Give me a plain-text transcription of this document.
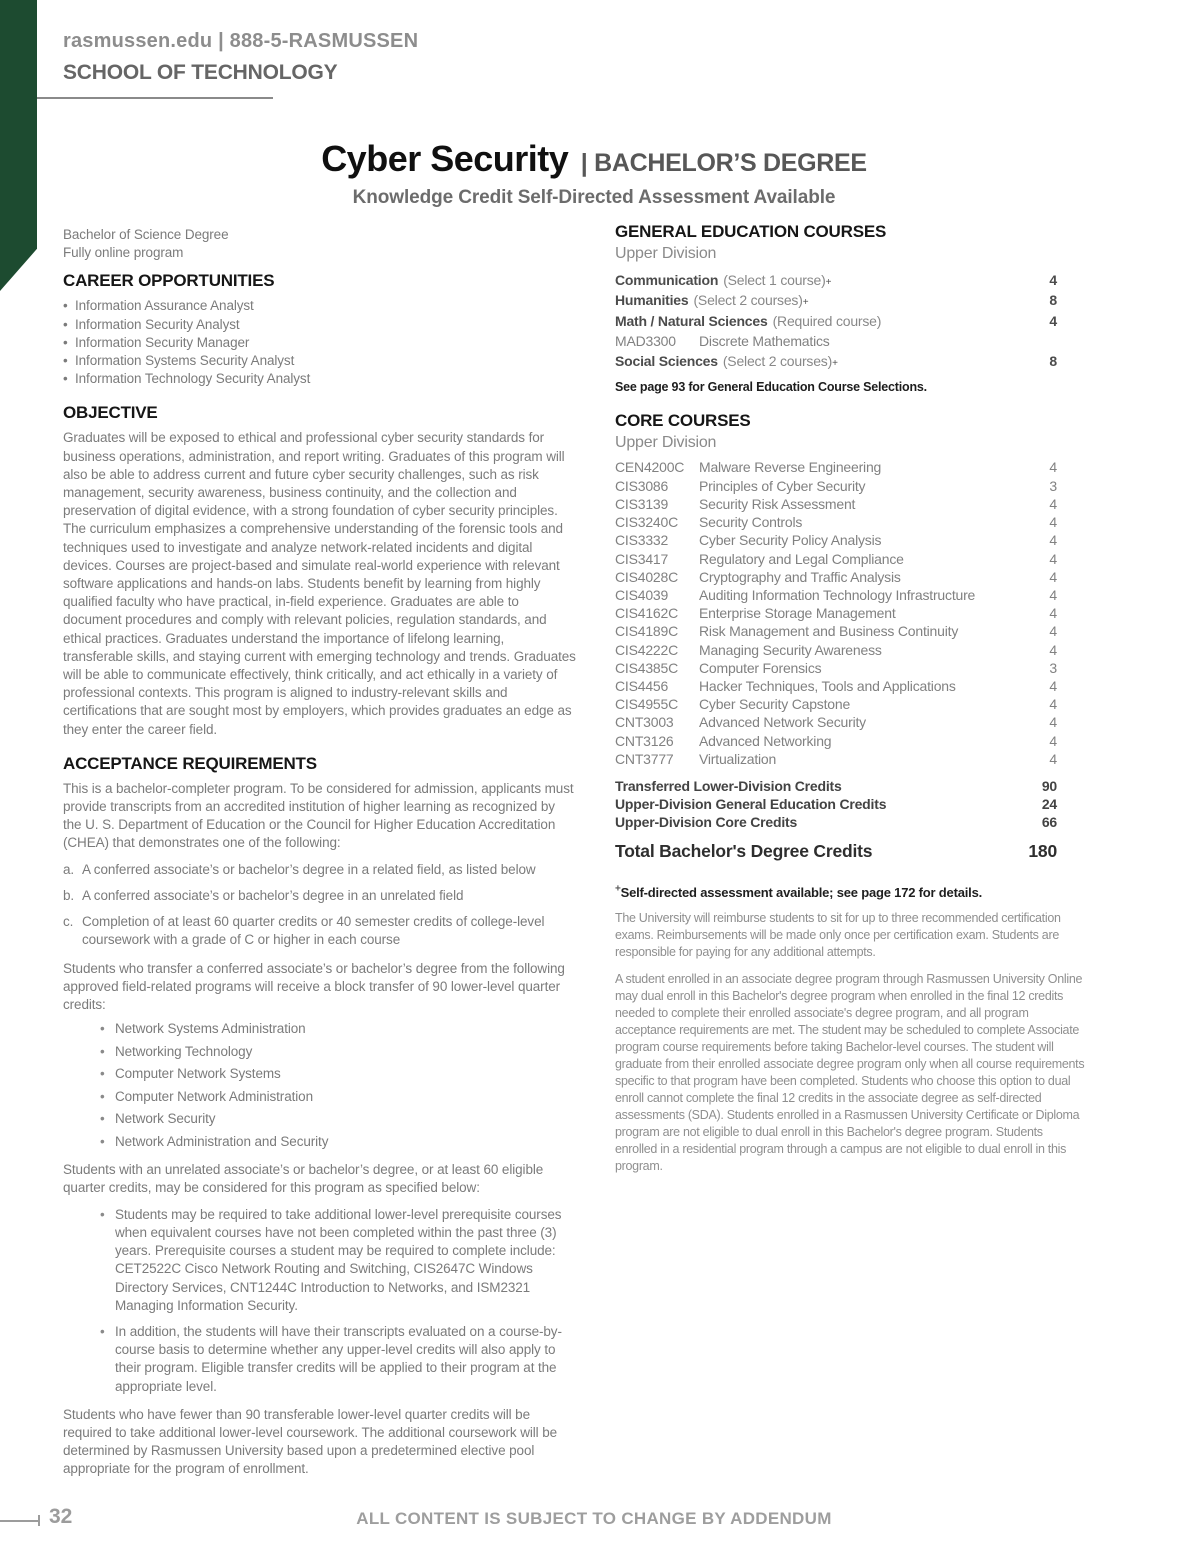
rasmussen.edu | 888-5-RASMUSSEN
SCHOOL OF TECHNOLOGY
Cyber Security | BACHELOR’S DEGREE
Knowledge Credit Self-Directed Assessment Available
Bachelor of Science Degree
Fully online program
CAREER OPPORTUNITIES
• Information Assurance Analyst
• Information Security Analyst
• Information Security Manager
• Information Systems Security Analyst
• Information Technology Security Analyst
OBJECTIVE

Graduates will be exposed to ethical and professional cyber security standards for business operations, administration, and report writing. Graduates of this program will also be able to address current and future cyber security challenges, such as risk management, security awareness, business continuity, and the collection and preservation of digital evidence, with a strong foundation of cyber security principles. The curriculum emphasizes a comprehensive understanding of the forensic tools and techniques used to investigate and analyze network-related incidents and digital devices. Courses are project-based and simulate real-world experience with relevant software applications and hands-on labs. Students benefit by learning from highly qualified faculty who have practical, in-field experience. Graduates are able to document procedures and comply with relevant policies, regulation standards, and ethical practices. Graduates understand the importance of lifelong learning, transferable skills, and staying current with emerging technology and trends. Graduates will be able to communicate effectively, think critically, and act ethically in a variety of professional contexts. This program is aligned to industry-relevant skills and certifications that are sought most by employers, which provides graduates an edge as they enter the career field.

ACCEPTANCE REQUIREMENTS

This is a bachelor-completer program. To be considered for admission, applicants must provide transcripts from an accredited institution of higher learning as recognized by the U. S. Department of Education or the Council for Higher Education Accreditation (CHEA) that demonstrates one of the following:

a. A conferred associate’s or bachelor’s degree in a related field, as listed below
b. A conferred associate’s or bachelor’s degree in an unrelated field
c. Completion of at least 60 quarter credits or 40 semester credits of college-level coursework with a grade of C or higher in each course

Students who transfer a conferred associate’s or bachelor’s degree from the following approved field-related programs will receive a block transfer of 90 lower-level quarter credits:

• Network Systems Administration
• Networking Technology
• Computer Network Systems
• Computer Network Administration
• Network Security
• Network Administration and Security

Students with an unrelated associate’s or bachelor’s degree, or at least 60 eligible quarter credits, may be considered for this program as specified below:

• Students may be required to take additional lower-level prerequisite courses when equivalent courses have not been completed within the past three (3) years. Prerequisite courses a student may be required to complete include: CET2522C Cisco Network Routing and Switching, CIS2647C Windows Directory Services, CNT1244C Introduction to Networks, and ISM2321 Managing Information Security.
• In addition, the students will have their transcripts evaluated on a course-by-course basis to determine whether any upper-level credits will also apply to their program. Eligible transfer credits will be applied to their program at the appropriate level.

Students who have fewer than 90 transferable lower-level quarter credits will be required to take additional lower-level coursework. The additional coursework will be determined by Rasmussen University based upon a predetermined elective pool appropriate for the program of enrollment.

GENERAL EDUCATION COURSES
Upper Division
Communication (Select 1 course) +	4
Humanities (Select 2 courses) +	8
Math / Natural Sciences (Required course)	4
MAD3300	Discrete Mathematics
Social Sciences (Select 2 courses) +	8
See page 93 for General Education Course Selections.
CORE COURSES
Upper Division
CEN4200C	Malware Reverse Engineering	4
CIS3086	Principles of Cyber Security	3
CIS3139	Security Risk Assessment	4
CIS3240C	Security Controls	4
CIS3332	Cyber Security Policy Analysis	4
CIS3417	Regulatory and Legal Compliance	4
CIS4028C	Cryptography and Traffic Analysis	4
CIS4039	Auditing Information Technology Infrastructure	4
CIS4162C	Enterprise Storage Management	4
CIS4189C	Risk Management and Business Continuity	4
CIS4222C	Managing Security Awareness	4
CIS4385C	Computer Forensics	3
CIS4456	Hacker Techniques, Tools and Applications	4
CIS4955C	Cyber Security Capstone	4
CNT3003	Advanced Network Security	4
CNT3126	Advanced Networking	4
CNT3777	Virtualization	4
Transferred Lower-Division Credits	90
Upper-Division General Education Credits	24
Upper-Division Core Credits	66
Total Bachelor's Degree Credits	180
+Self-directed assessment available; see page 172 for details.

The University will reimburse students to sit for up to three recommended certification exams. Reimbursements will be made only once per certification exam. Students are responsible for paying for any additional attempts.

A student enrolled in an associate degree program through Rasmussen University Online may dual enroll in this Bachelor's degree program when enrolled in the final 12 credits needed to complete their enrolled associate's degree program, and all program acceptance requirements are met. The student may be scheduled to complete Associate program course requirements before taking Bachelor-level courses. The student will graduate from their enrolled associate degree program only when all course requirements specific to that program have been completed. Students who choose this option to dual enroll cannot complete the final 12 credits in the associate degree as self-directed assessments (SDA). Students enrolled in a Rasmussen University Certificate or Diploma program are not eligible to dual enroll in this Bachelor's degree program. Students enrolled in a residential program through a campus are not eligible to dual enroll in this program.

32	ALL CONTENT IS SUBJECT TO CHANGE BY ADDENDUM
